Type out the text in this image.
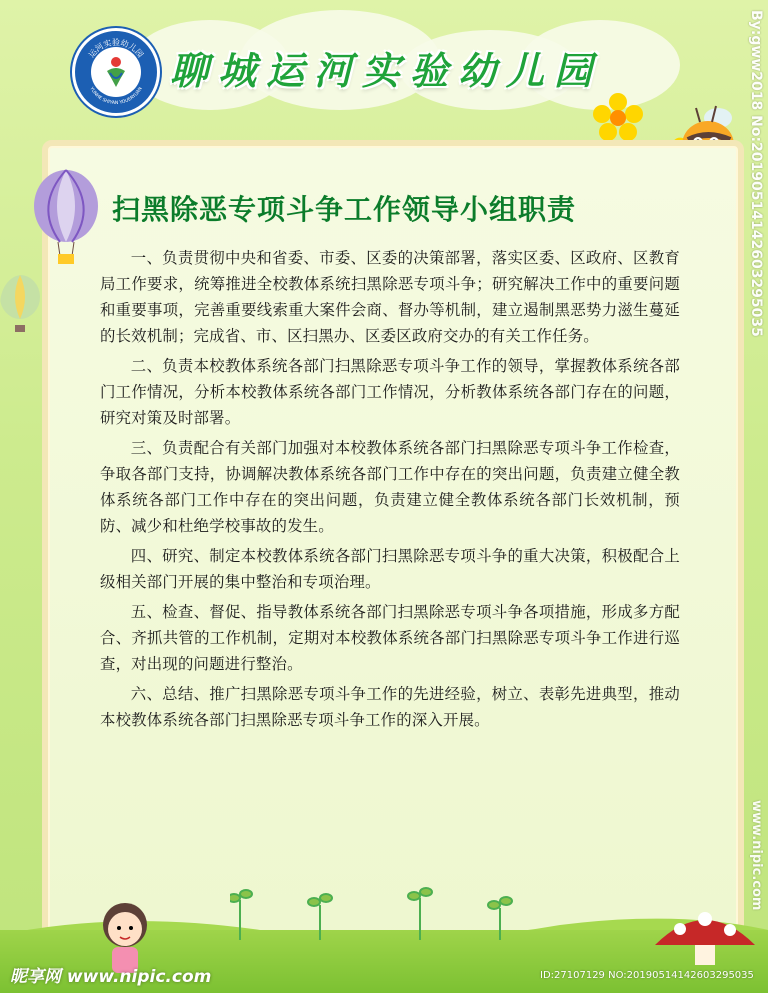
运河实验幼儿园
YUNHE SHIYAN YOUERYUAN 聊城运河实验幼儿园
扫黑除恶专项斗争工作领导小组职责

一、负责贯彻中央和省委、市委、区委的决策部署，落实区委、区政府、区教育局工作要求，统筹推进全校教体系统扫黑除恶专项斗争；研究解决工作中的重要问题和重要事项，完善重要线索重大案件会商、督办等机制，建立遏制黑恶势力滋生蔓延的长效机制；完成省、市、区扫黑办、区委区政府交办的有关工作任务。

二、负责本校教体系统各部门扫黑除恶专项斗争工作的领导，掌握教体系统各部门工作情况，分析本校教体系统各部门工作情况，分析教体系统各部门存在的问题，研究对策及时部署。

三、负责配合有关部门加强对本校教体系统各部门扫黑除恶专项斗争工作检查，争取各部门支持，协调解决教体系统各部门工作中存在的突出问题，负责建立健全教体系统各部门工作中存在的突出问题，负责建立健全教体系统各部门长效机制，预防、减少和杜绝学校事故的发生。

四、研究、制定本校教体系统各部门扫黑除恶专项斗争的重大决策，积极配合上级相关部门开展的集中整治和专项治理。

五、检查、督促、指导教体系统各部门扫黑除恶专项斗争各项措施，形成多方配合、齐抓共管的工作机制，定期对本校教体系统各部门扫黑除恶专项斗争工作进行巡查，对出现的问题进行整治。

六、总结、推广扫黑除恶专项斗争工作的先进经验，树立、表彰先进典型，推动本校教体系统各部门扫黑除恶专项斗争工作的深入开展。

By:gww2018 No:20190514142603295035
www.nipic.com
昵享网 www.nipic.com	ID:27107129 NO:20190514142603295035
